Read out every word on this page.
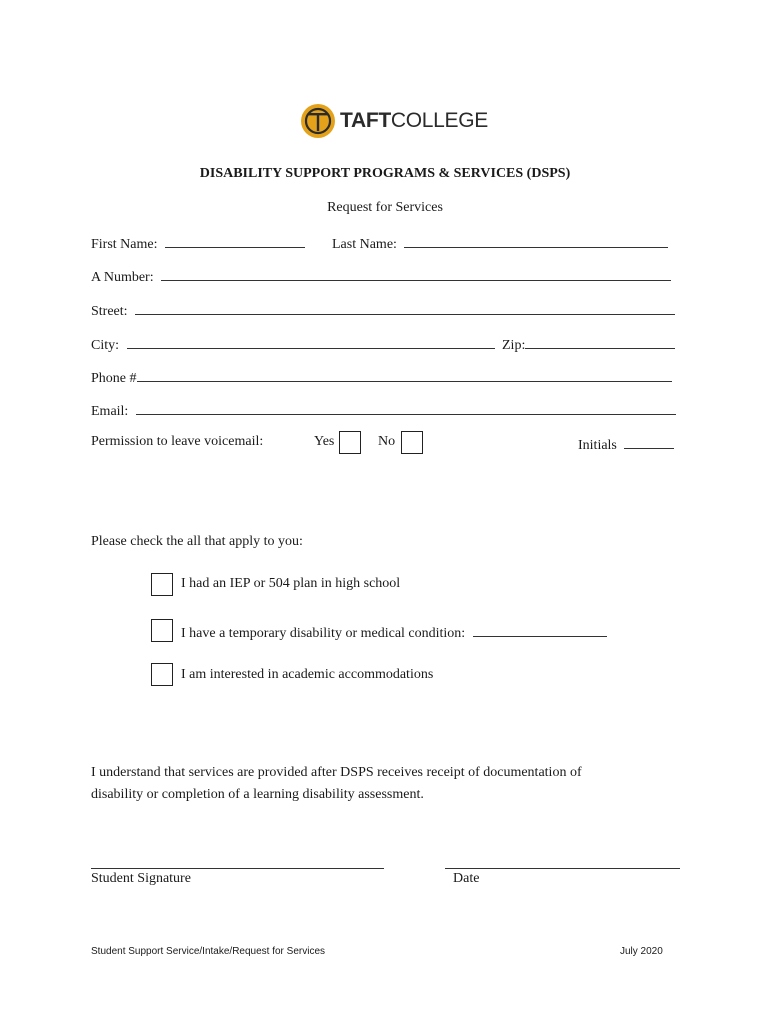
TAFTCOLLEGE
DISABILITY SUPPORT PROGRAMS & SERVICES (DSPS)
Request for Services
First Name:	Last Name:
A Number:
Street:
City:	Zip:
Phone #
Email:
Permission to leave voicemail:	Yes	No	Initials
Please check the all that apply to you:
I had an IEP or 504 plan in high school
I have a temporary disability or medical condition:
I am interested in academic accommodations
I understand that services are provided after DSPS receives receipt of documentation of
disability or completion of a learning disability assessment.
Student Signature	Date
Student Support Service/Intake/Request for Services	July 2020
